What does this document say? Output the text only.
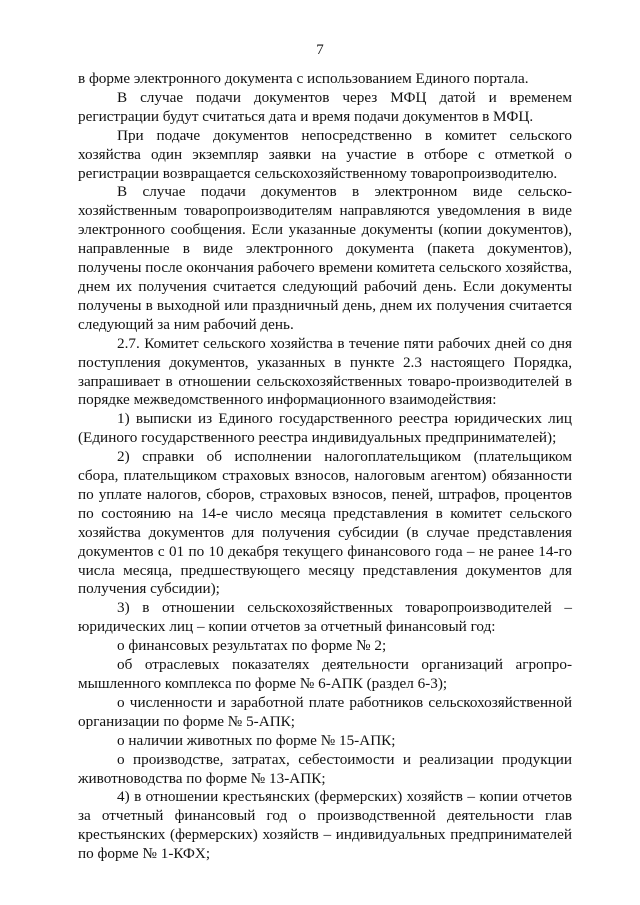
7

в форме электронного документа с использованием Единого портала.

В случае подачи документов через МФЦ датой и временем регистрации будут считаться дата и время подачи документов в МФЦ.

При подаче документов непосредственно в комитет сельского хозяйства один экземпляр заявки на участие в отборе с отметкой о регистрации возвращается сельскохозяйственному товаропроизводителю.

В случае подачи документов в электронном виде сельско-хозяйственным товаропроизводителям направляются уведомления в виде электронного сообщения. Если указанные документы (копии документов), направленные в виде электронного документа (пакета документов), получены после окончания рабочего времени комитета сельского хозяйства, днем их получения считается следующий рабочий день. Если документы получены в выходной или праздничный день, днем их получения считается следующий за ним рабочий день.

2.7. Комитет сельского хозяйства в течение пяти рабочих дней со дня поступления документов, указанных в пункте 2.3 настоящего Порядка, запрашивает в отношении сельскохозяйственных товаро-производителей в порядке межведомственного информационного взаимодействия:

1) выписки из Единого государственного реестра юридических лиц (Единого государственного реестра индивидуальных предпринимателей);

2) справки об исполнении налогоплательщиком (плательщиком сбора, плательщиком страховых взносов, налоговым агентом) обязанности по уплате налогов, сборов, страховых взносов, пеней, штрафов, процентов по состоянию на 14-е число месяца представления в комитет сельского хозяйства документов для получения субсидии (в случае представления документов с 01 по 10 декабря текущего финансового года – не ранее 14-го числа месяца, предшествующего месяцу представления документов для получения субсидии);

3) в отношении сельскохозяйственных товаропроизводителей – юридических лиц – копии отчетов за отчетный финансовый год:

о финансовых результатах по форме № 2;

об отраслевых показателях деятельности организаций агропро-мышленного комплекса по форме № 6-АПК (раздел 6-3);

о численности и заработной плате работников сельскохозяйственной организации по форме № 5-АПК;

о наличии животных по форме № 15-АПК;

о производстве, затратах, себестоимости и реализации продукции животноводства по форме № 13-АПК;

4) в отношении крестьянских (фермерских) хозяйств – копии отчетов за отчетный финансовый год о производственной деятельности глав крестьянских (фермерских) хозяйств – индивидуальных предпринимателей по форме № 1-КФХ;
